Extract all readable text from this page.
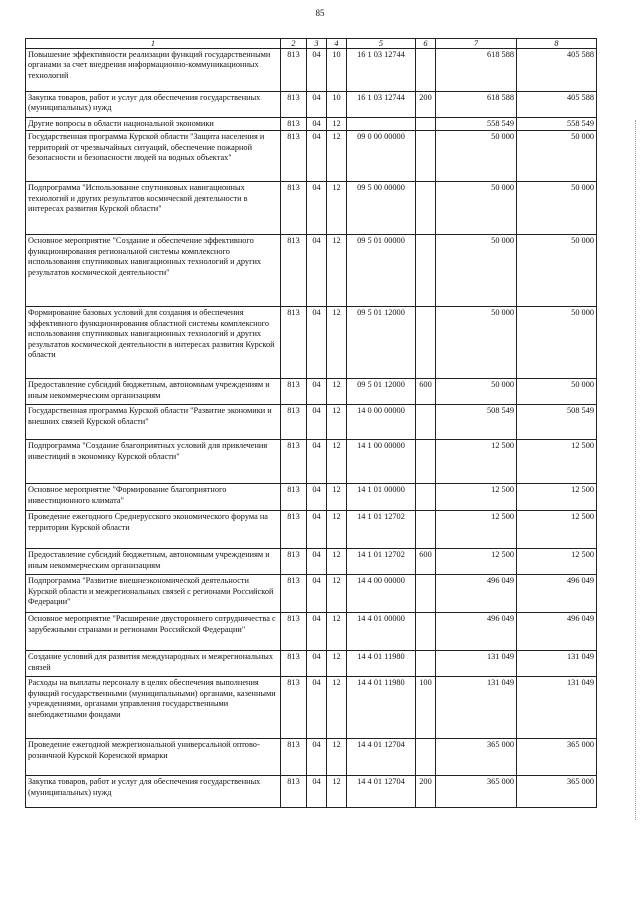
85
1	2	3	4	5	6	7	8
Повышение эффективности реализации функций государственными органами за счет внедрения информационно-коммуникационных технологий	813	04	10	16 1 03 12744		618 588	405 588
Закупка товаров, работ и услуг для обеспечения государственных (муниципальных) нужд	813	04	10	16 1 03 12744	200	618 588	405 588
Другие вопросы в области национальной экономики	813	04	12			558 549	558 549
Государственная программа Курской области "Защита населения и территорий от чрезвычайных ситуаций, обеспечение пожарной безопасности и безопасности людей на водных объектах"	813	04	12	09 0 00 00000		50 000	50 000
Подпрограмма "Использование спутниковых навигационных технологий и других результатов космической деятельности в интересах развития Курской области"	813	04	12	09 5 00 00000		50 000	50 000
Основное мероприятие "Создание и обеспечение эффективного функционирования региональной системы комплексного использования спутниковых навигационных технологий и других результатов космической деятельности"	813	04	12	09 5 01 00000		50 000	50 000
Формирование базовых условий для создания и обеспечения эффективного функционирования областной системы комплексного использования спутниковых навигационных технологий и других результатов космической деятельности в интересах развития Курской области	813	04	12	09 5 01 12000		50 000	50 000
Предоставление субсидий бюджетным, автономным учреждениям и иным некоммерческим организациям	813	04	12	09 5 01 12000	600	50 000	50 000
Государственная программа Курской области "Развитие экономики и внешних связей Курской области"	813	04	12	14 0 00 00000		508 549	508 549
Подпрограмма "Создание благоприятных условий для привлечения инвестиций в экономику Курской области"	813	04	12	14 1 00 00000		12 500	12 500
Основное мероприятие "Формирование благоприятного инвестиционного климата"	813	04	12	14 1 01 00000		12 500	12 500
Проведение ежегодного Среднерусского экономического форума на территории Курской области	813	04	12	14 1 01 12702		12 500	12 500
Предоставление субсидий бюджетным, автономным учреждениям и иным некоммерческим организациям	813	04	12	14 1 01 12702	600	12 500	12 500
Подпрограмма "Развитие внешнеэкономической деятельности Курской области и межрегиональных связей с регионами Российской Федерации"	813	04	12	14 4 00 00000		496 049	496 049
Основное мероприятие "Расширение двустороннего сотрудничества с зарубежными странами и регионами Российской Федерации"	813	04	12	14 4 01 00000		496 049	496 049
Создание условий для развития международных и межрегиональных связей	813	04	12	14 4 01 11980		131 049	131 049
Расходы на выплаты персоналу в целях обеспечения выполнения функций государственными (муниципальными) органами, казенными учреждениями, органами управления государственными внебюджетными фондами	813	04	12	14 4 01 11980	100	131 049	131 049
Проведение ежегодной межрегиональной универсальной оптово-розничной Курской Коренской ярмарки	813	04	12	14 4 01 12704		365 000	365 000
Закупка товаров, работ и услуг для обеспечения государственных (муниципальных) нужд	813	04	12	14 4 01 12704	200	365 000	365 000
